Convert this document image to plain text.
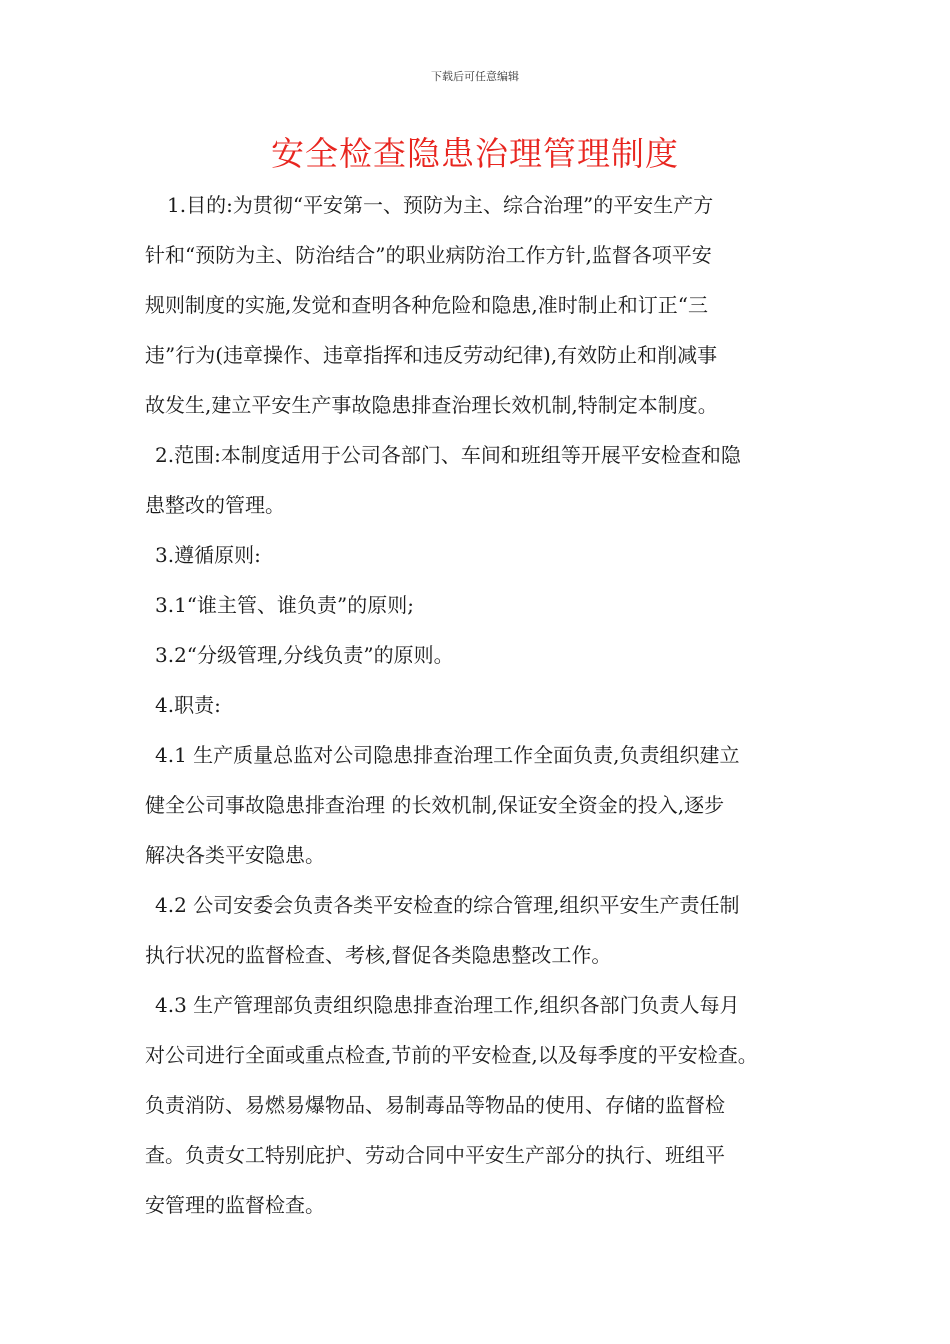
下载后可任意编辑
安全检查隐患治理管理制度
1.目的:为贯彻“平安第一、预防为主、综合治理”的平安生产方
针和“预防为主、防治结合”的职业病防治工作方针,监督各项平安
规则制度的实施,发觉和查明各种危险和隐患,准时制止和订正“三
违”行为(违章操作、违章指挥和违反劳动纪律),有效防止和削减事
故发生,建立平安生产事故隐患排查治理长效机制,特制定本制度。
2.范围:本制度适用于公司各部门、车间和班组等开展平安检查和隐
患整改的管理。
3.遵循原则:
3.1“谁主管、谁负责”的原则;
3.2“分级管理,分线负责”的原则。
4.职责:
4.1 生产质量总监对公司隐患排查治理工作全面负责,负责组织建立
健全公司事故隐患排查治理 的长效机制,保证安全资金的投入,逐步
解决各类平安隐患。
4.2 公司安委会负责各类平安检查的综合管理,组织平安生产责任制
执行状况的监督检查、考核,督促各类隐患整改工作。
4.3 生产管理部负责组织隐患排查治理工作,组织各部门负责人每月
对公司进行全面或重点检查,节前的平安检查,以及每季度的平安检查。
负责消防、易燃易爆物品、易制毒品等物品的使用、存储的监督检
查。负责女工特别庇护、劳动合同中平安生产部分的执行、班组平
安管理的监督检查。
